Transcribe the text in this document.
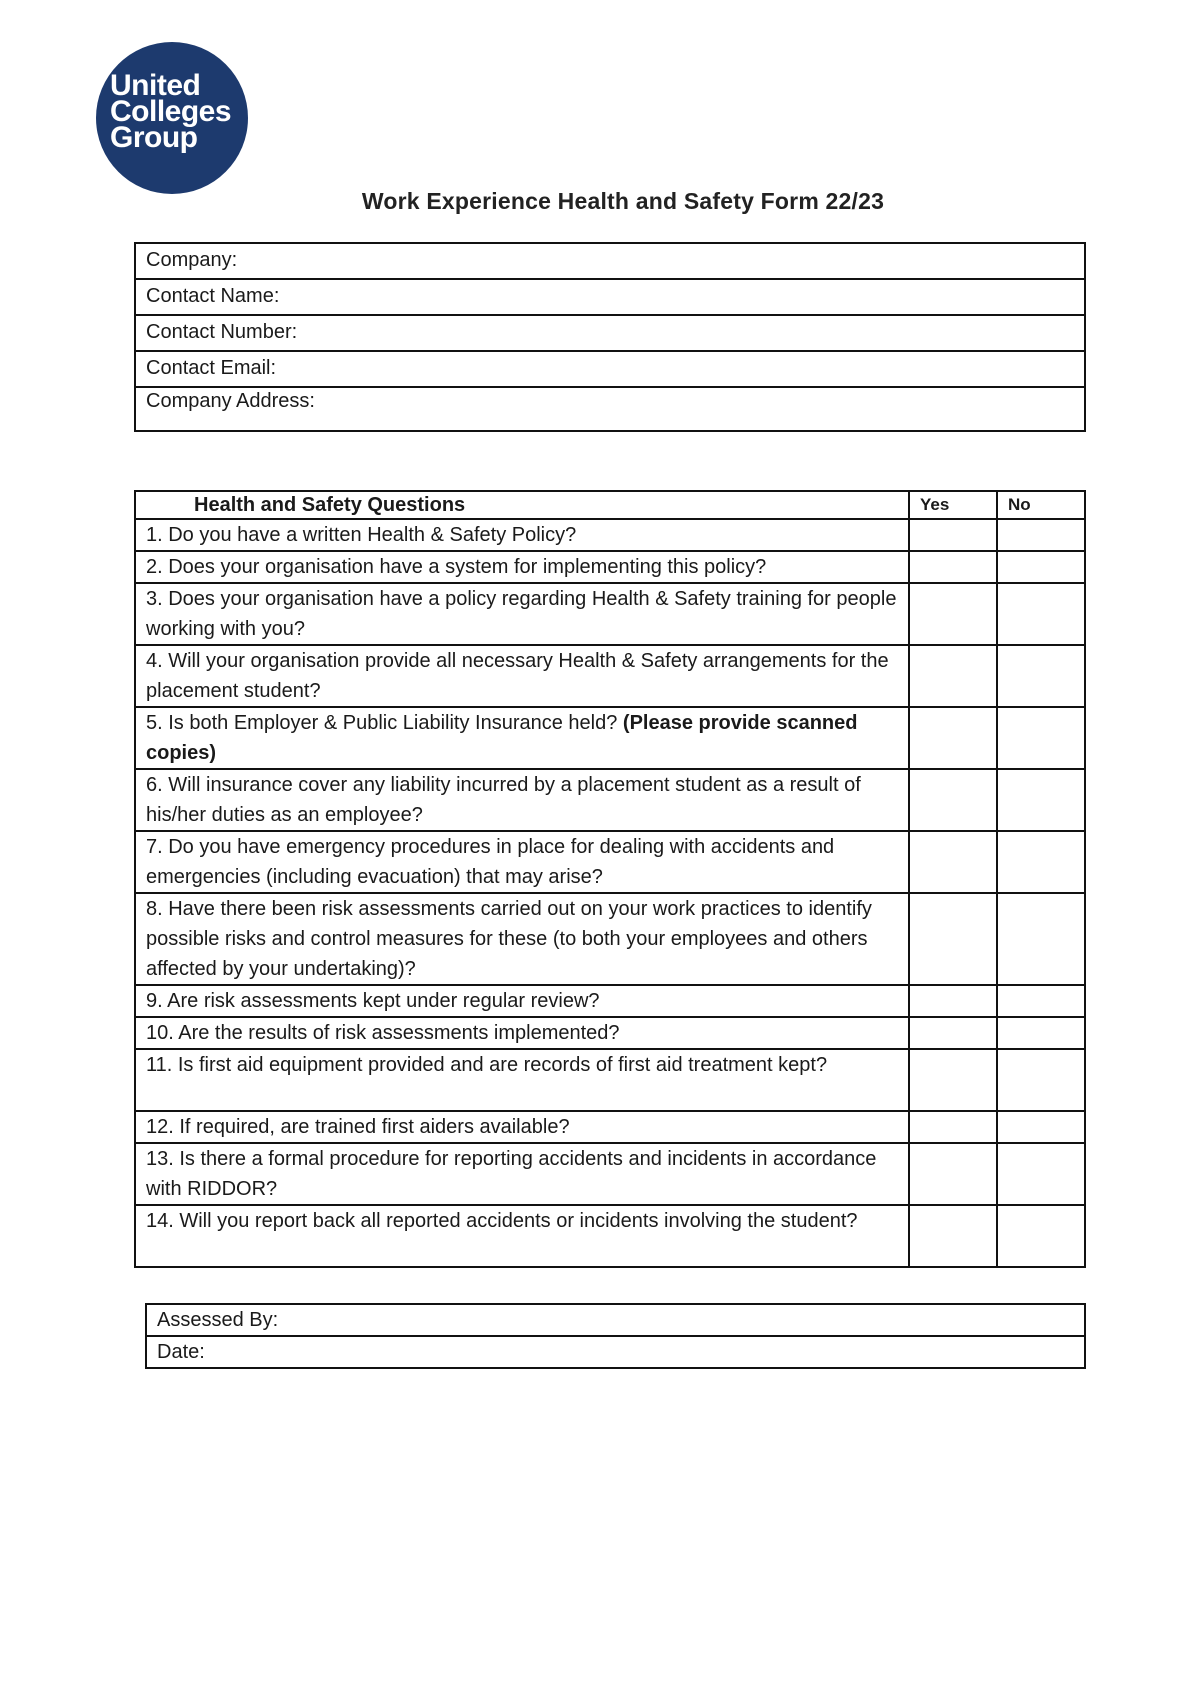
United
Colleges
Group
Work Experience Health and Safety Form 22/23
Company:
Contact Name:
Contact Number:
Contact Email:
Company Address:
Health and Safety Questions	Yes	No
1. Do you have a written Health & Safety Policy?		
2. Does your organisation have a system for implementing this policy?		
3. Does your organisation have a policy regarding Health & Safety training for people working with you?		
4. Will your organisation provide all necessary Health & Safety arrangements for the placement student?		
5. Is both Employer & Public Liability Insurance held? (Please provide scanned copies)		
6. Will insurance cover any liability incurred by a placement student as a result of his/her duties as an employee?		
7. Do you have emergency procedures in place for dealing with accidents and emergencies (including evacuation) that may arise?		
8. Have there been risk assessments carried out on your work practices to identify possible risks and control measures for these (to both your employees and others affected by your undertaking)?		
9. Are risk assessments kept under regular review?		
10. Are the results of risk assessments implemented?		
11. Is first aid equipment provided and are records of first aid treatment kept?		
12. If required, are trained first aiders available?		
13. Is there a formal procedure for reporting accidents and incidents in accordance with RIDDOR?		
14. Will you report back all reported accidents or incidents involving the student?		
Assessed By:
Date:
